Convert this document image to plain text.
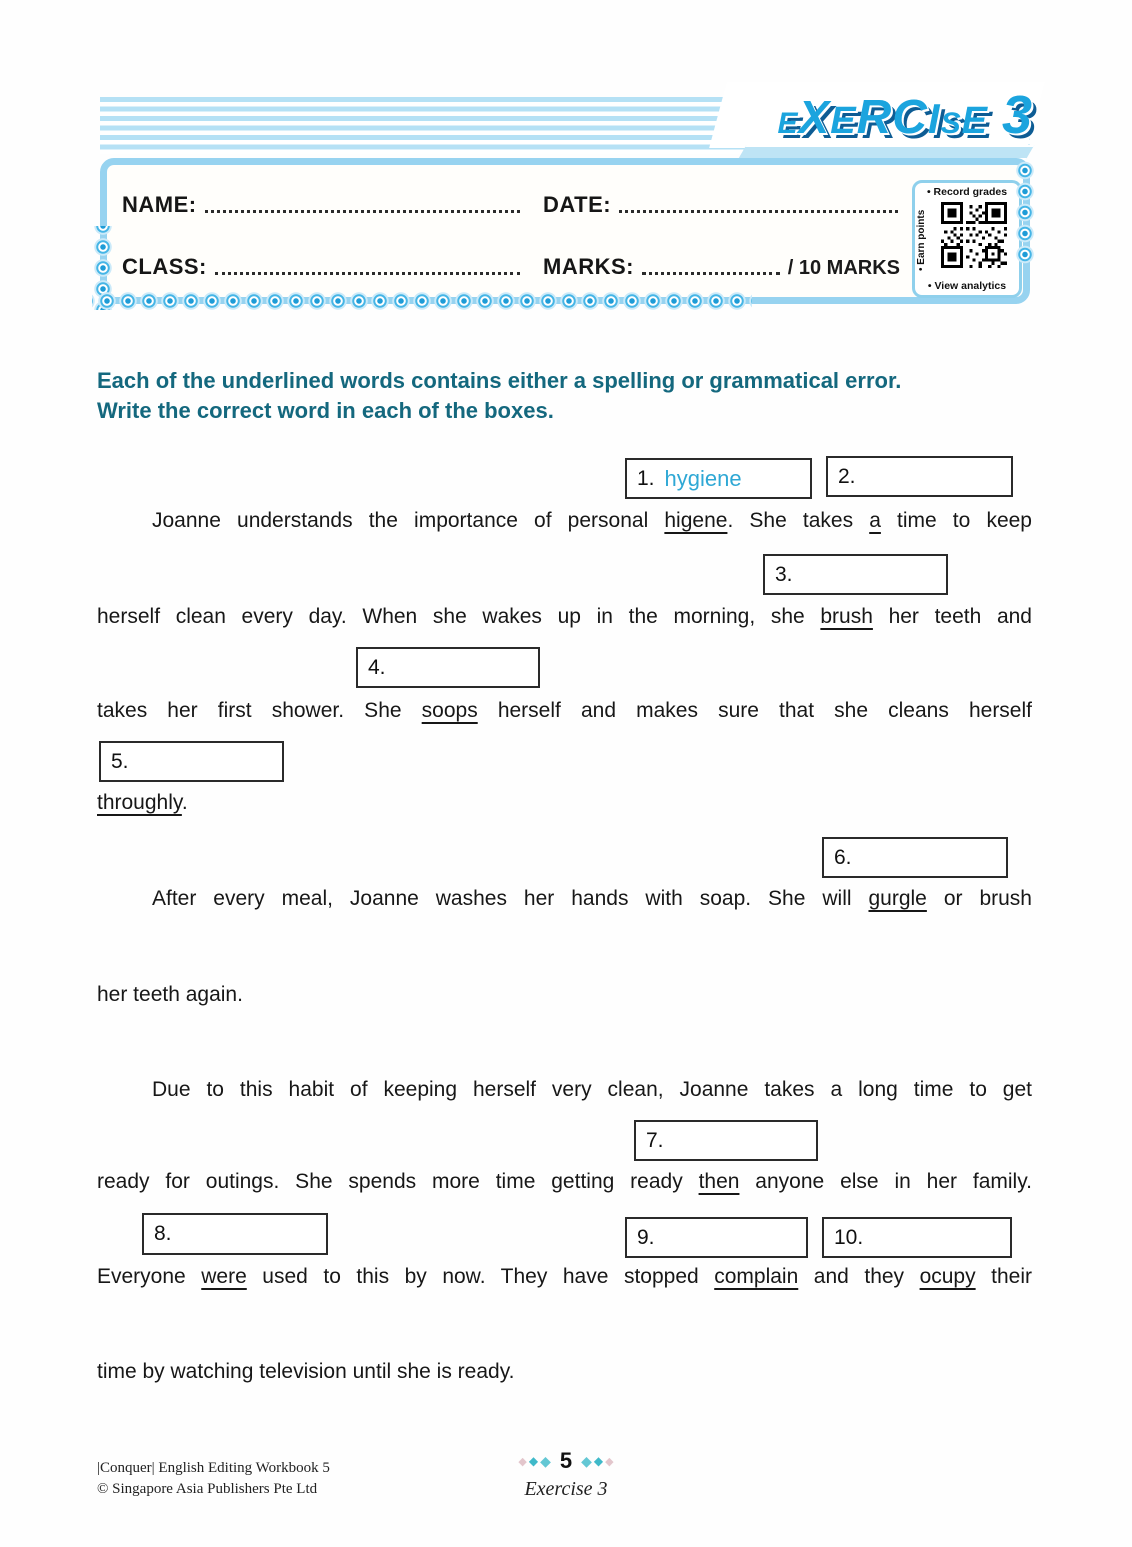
E X E R C I S E 3
NAME:	DATE:
CLASS:	MARKS:	/ 10 MARKS
• Record grades
• Earn points
• View analytics
Each of the underlined words contains either a spelling or grammatical error.
Write the correct word in each of the boxes.
1. hygiene	2.
3.
4.
5.
6.
7.
8.	9.	10.
Joanne understands the importance of personal higene. She takes a time to keep
herself clean every day. When she wakes up in the morning, she brush her teeth and
takes her first shower. She soops herself and makes sure that she cleans herself
throughly.
After every meal, Joanne washes her hands with soap. She will gurgle or brush
her teeth again.
Due to this habit of keeping herself very clean, Joanne takes a long time to get
ready for outings. She spends more time getting ready then anyone else in her family.
Everyone were used to this by now. They have stopped complain and they ocupy their
time by watching television until she is ready.
|Conquer| English Editing Workbook 5
© Singapore Asia Publishers Pte Ltd
◆ ◆ ◆ 5 ◆ ◆ ◆
Exercise 3
